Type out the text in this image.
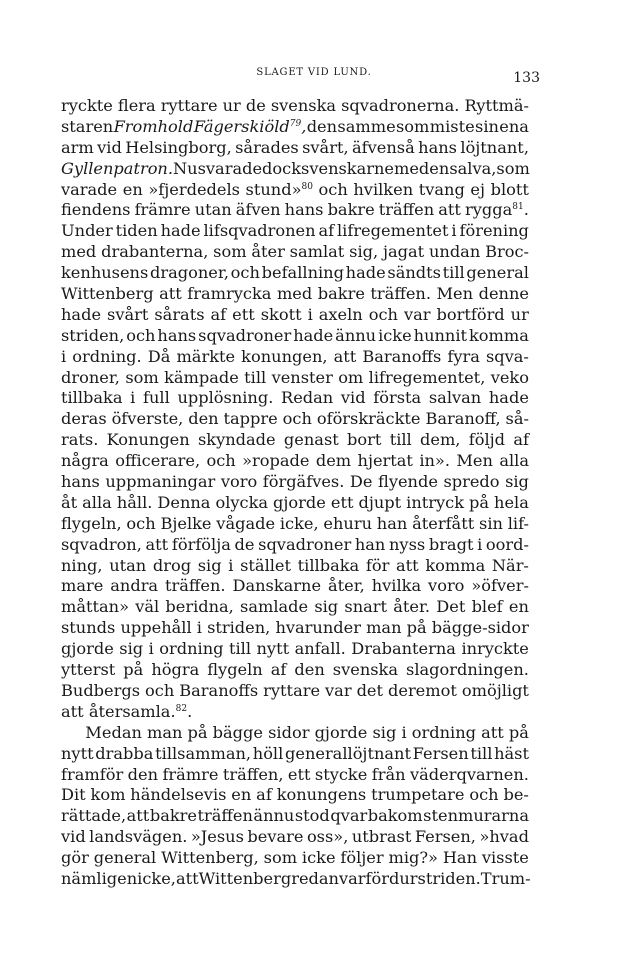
SLAGET VID LUND.	133
ryckte flera ryttare ur de svenska sqvadronerna. Ryttmä-
staren Fromhold Fägerskiöld$^{79}$, den samme som miste sin ena
arm vid Helsingborg, sårades svårt, äfvenså hans löjtnant,
Gyllenpatron. Nu svarade dock svenskarne med en salva, som
varade en »fjerdedels stund»$^{80}$ och hvilken tvang ej blott
fiendens främre utan äfven hans bakre träffen att rygga$^{81}$.
Under tiden hade lifsqvadronen af lifregementet i förening
med drabanterna, som åter samlat sig, jagat undan Broc-
kenhusens dragoner, och befallning hade sändts till general
Wittenberg att framrycka med bakre träffen. Men denne
hade svårt sårats af ett skott i axeln och var bortförd ur
striden, och hans sqvadroner hade ännu icke hunnit komma
i ordning. Då märkte konungen, att Baranoffs fyra sqva-
droner, som kämpade till venster om lifregementet, veko
tillbaka i full upplösning. Redan vid första salvan hade
deras öfverste, den tappre och oförskräckte Baranoff, så-
rats. Konungen skyndade genast bort till dem, följd af
några officerare, och »ropade dem hjertat in». Men alla
hans uppmaningar voro förgäfves. De flyende spredo sig
åt alla håll. Denna olycka gjorde ett djupt intryck på hela
flygeln, och Bjelke vågade icke, ehuru han återfått sin lif-
sqvadron, att förfölja de sqvadroner han nyss bragt i oord-
ning, utan drog sig i stället tillbaka för att komma När-
mare andra träffen. Danskarne åter, hvilka voro »öfver-
måttan» väl beridna, samlade sig snart åter. Det blef en
stunds uppehåll i striden, hvarunder man på bägge-sidor
gjorde sig i ordning till nytt anfall. Drabanterna inryckte
ytterst på högra flygeln af den svenska slagordningen.
Budbergs och Baranoffs ryttare var det deremot omöjligt
att återsamla.$^{82}$.
Medan man på bägge sidor gjorde sig i ordning att på
nytt drabba tillsamman, höll generallöjtnant Fersen till häst
framför den främre träffen, ett stycke från väderqvarnen.
Dit kom händelsevis en af konungens trumpetare och be-
rättade, att bakre träffen ännu stod qvar bakom stenmurarna
vid landsvägen. »Jesus bevare oss», utbrast Fersen, »hvad
gör general Wittenberg, som icke följer mig?» Han visste
nämligen icke, att Wittenberg redan var förd ur striden. Trum-
